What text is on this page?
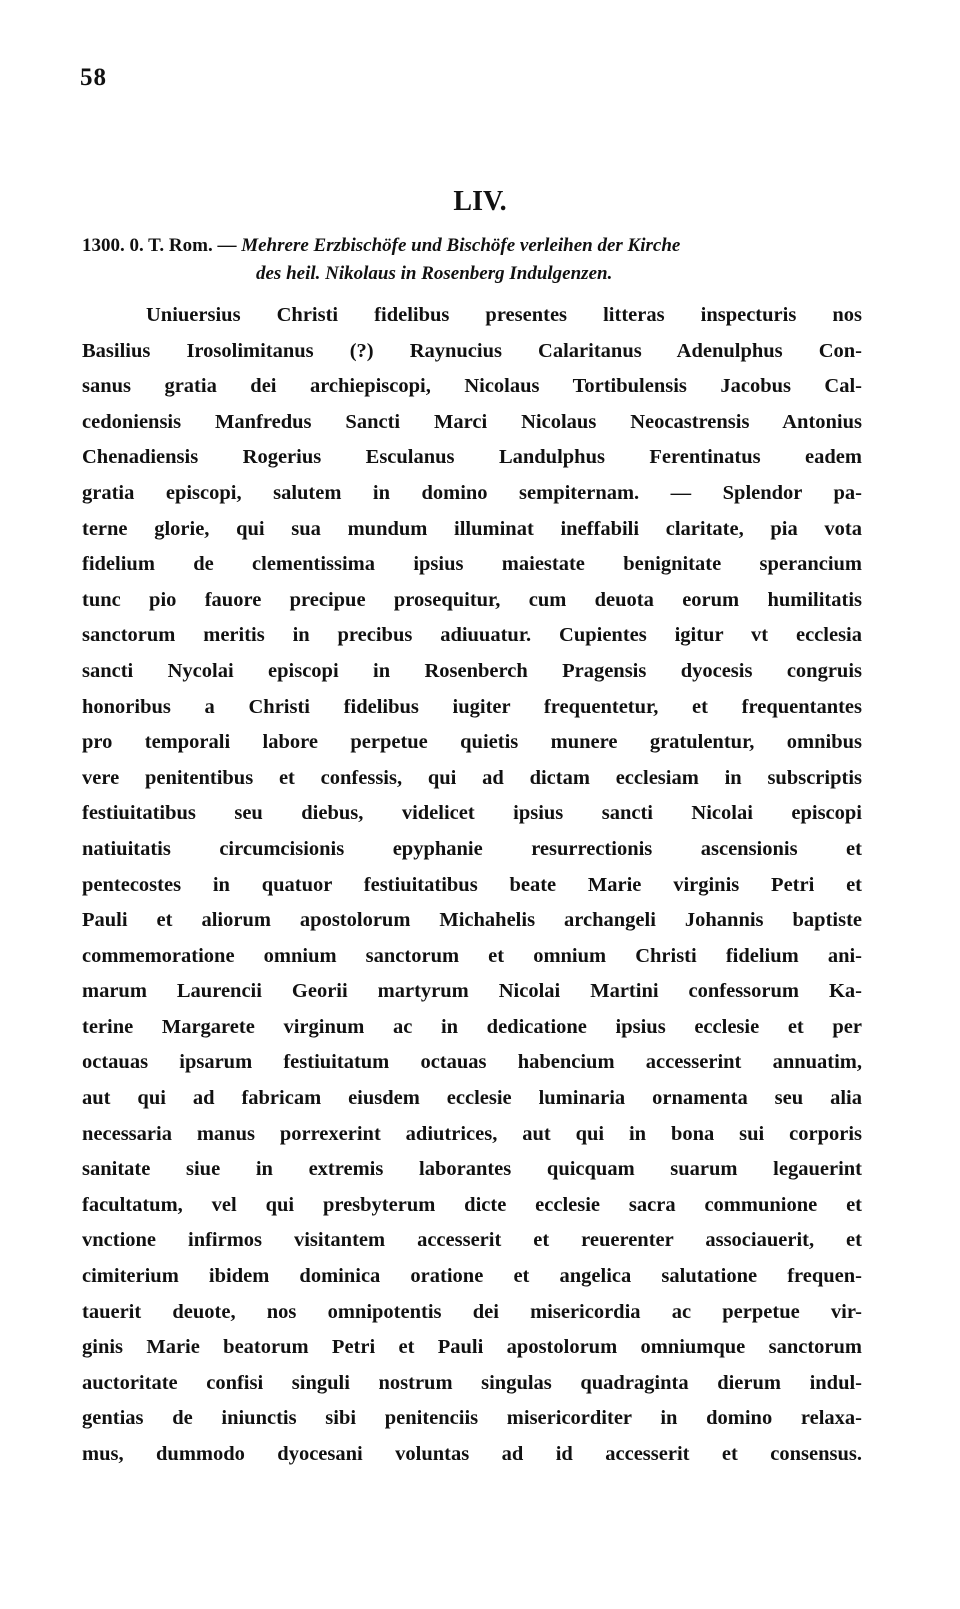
58
LIV.
1300. 0. T. Rom. — Mehrere Erzbischöfe und Bischöfe verleihen der Kirche
des heil. Nikolaus in Rosenberg Indulgenzen.
Uniuersius Christi fidelibus presentes litteras inspecturis nos
Basilius Irosolimitanus (?) Raynucius Calaritanus Adenulphus Con-
sanus gratia dei archiepiscopi, Nicolaus Tortibulensis Jacobus Cal-
cedoniensis Manfredus Sancti Marci Nicolaus Neocastrensis Antonius
Chenadiensis Rogerius Esculanus Landulphus Ferentinatus eadem
gratia episcopi, salutem in domino sempiternam. — Splendor pa-
terne glorie, qui sua mundum illuminat ineffabili claritate, pia vota
fidelium de clementissima ipsius maiestate benignitate sperancium
tunc pio fauore precipue prosequitur, cum deuota eorum humilitatis
sanctorum meritis in precibus adiuuatur. Cupientes igitur vt ecclesia
sancti Nycolai episcopi in Rosenberch Pragensis dyocesis congruis
honoribus a Christi fidelibus iugiter frequentetur, et frequentantes
pro temporali labore perpetue quietis munere gratulentur, omnibus
vere penitentibus et confessis, qui ad dictam ecclesiam in subscriptis
festiuitatibus seu diebus, videlicet ipsius sancti Nicolai episcopi
natiuitatis circumcisionis epyphanie resurrectionis ascensionis et
pentecostes in quatuor festiuitatibus beate Marie virginis Petri et
Pauli et aliorum apostolorum Michahelis archangeli Johannis baptiste
commemoratione omnium sanctorum et omnium Christi fidelium ani-
marum Laurencii Georii martyrum Nicolai Martini confessorum Ka-
terine Margarete virginum ac in dedicatione ipsius ecclesie et per
octauas ipsarum festiuitatum octauas habencium accesserint annuatim,
aut qui ad fabricam eiusdem ecclesie luminaria ornamenta seu alia
necessaria manus porrexerint adiutrices, aut qui in bona sui corporis
sanitate siue in extremis laborantes quicquam suarum legauerint
facultatum, vel qui presbyterum dicte ecclesie sacra communione et
vnctione infirmos visitantem accesserit et reuerenter associauerit, et
cimiterium ibidem dominica oratione et angelica salutatione frequen-
tauerit deuote, nos omnipotentis dei misericordia ac perpetue vir-
ginis Marie beatorum Petri et Pauli apostolorum omniumque sanctorum
auctoritate confisi singuli nostrum singulas quadraginta dierum indul-
gentias de iniunctis sibi penitenciis misericorditer in domino relaxa-
mus, dummodo dyocesani voluntas ad id accesserit et consensus.
